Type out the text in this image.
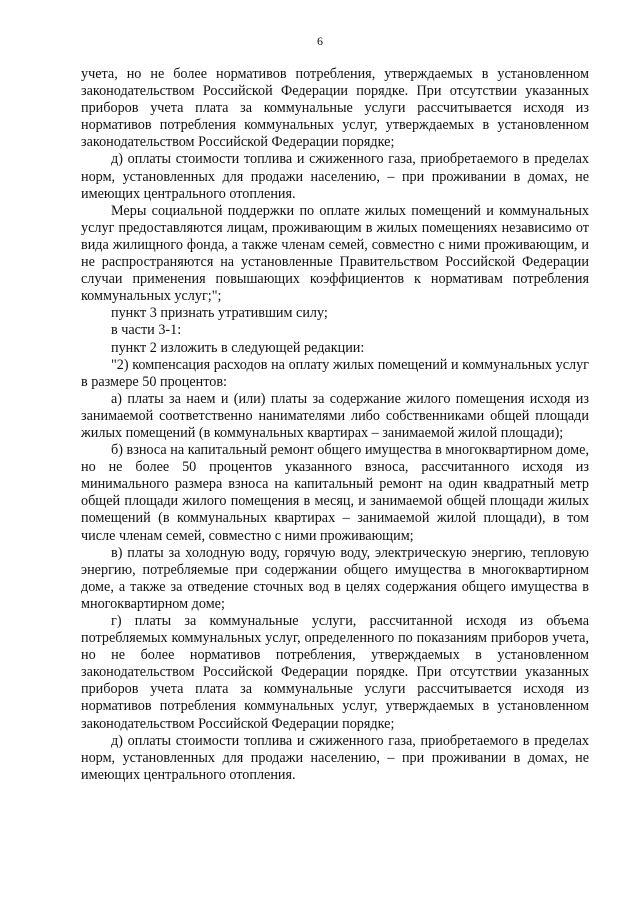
6

учета, но не более нормативов потребления, утверждаемых в установленном законодательством Российской Федерации порядке. При отсутствии указанных приборов учета плата за коммунальные услуги рассчитывается исходя из нормативов потребления коммунальных услуг, утверждаемых в установленном законодательством Российской Федерации порядке;

д) оплаты стоимости топлива и сжиженного газа, приобретаемого в пределах норм, установленных для продажи населению, – при проживании в домах, не имеющих центрального отопления.

Меры социальной поддержки по оплате жилых помещений и коммунальных услуг предоставляются лицам, проживающим в жилых помещениях независимо от вида жилищного фонда, а также членам семей, совместно с ними проживающим, и не распространяются на установленные Правительством Российской Федерации случаи применения повышающих коэффициентов к нормативам потребления коммунальных услуг;";

пункт 3 признать утратившим силу;

в части 3-1:

пункт 2 изложить в следующей редакции:

"2) компенсация расходов на оплату жилых помещений и коммунальных услуг в размере 50 процентов:

а) платы за наем и (или) платы за содержание жилого помещения исходя из занимаемой соответственно нанимателями либо собственниками общей площади жилых помещений (в коммунальных квартирах – занимаемой жилой площади);

б) взноса на капитальный ремонт общего имущества в многоквартирном доме, но не более 50 процентов указанного взноса, рассчитанного исходя из минимального размера взноса на капитальный ремонт на один квадратный метр общей площади жилого помещения в месяц, и занимаемой общей площади жилых помещений (в коммунальных квартирах – занимаемой жилой площади), в том числе членам семей, совместно с ними проживающим;

в) платы за холодную воду, горячую воду, электрическую энергию, тепловую энергию, потребляемые при содержании общего имущества в многоквартирном доме, а также за отведение сточных вод в целях содержания общего имущества в многоквартирном доме;

г) платы за коммунальные услуги, рассчитанной исходя из объема потребляемых коммунальных услуг, определенного по показаниям приборов учета, но не более нормативов потребления, утверждаемых в установленном законодательством Российской Федерации порядке. При отсутствии указанных приборов учета плата за коммунальные услуги рассчитывается исходя из нормативов потребления коммунальных услуг, утверждаемых в установленном законодательством Российской Федерации порядке;

д) оплаты стоимости топлива и сжиженного газа, приобретаемого в пределах норм, установленных для продажи населению, – при проживании в домах, не имеющих центрального отопления.
